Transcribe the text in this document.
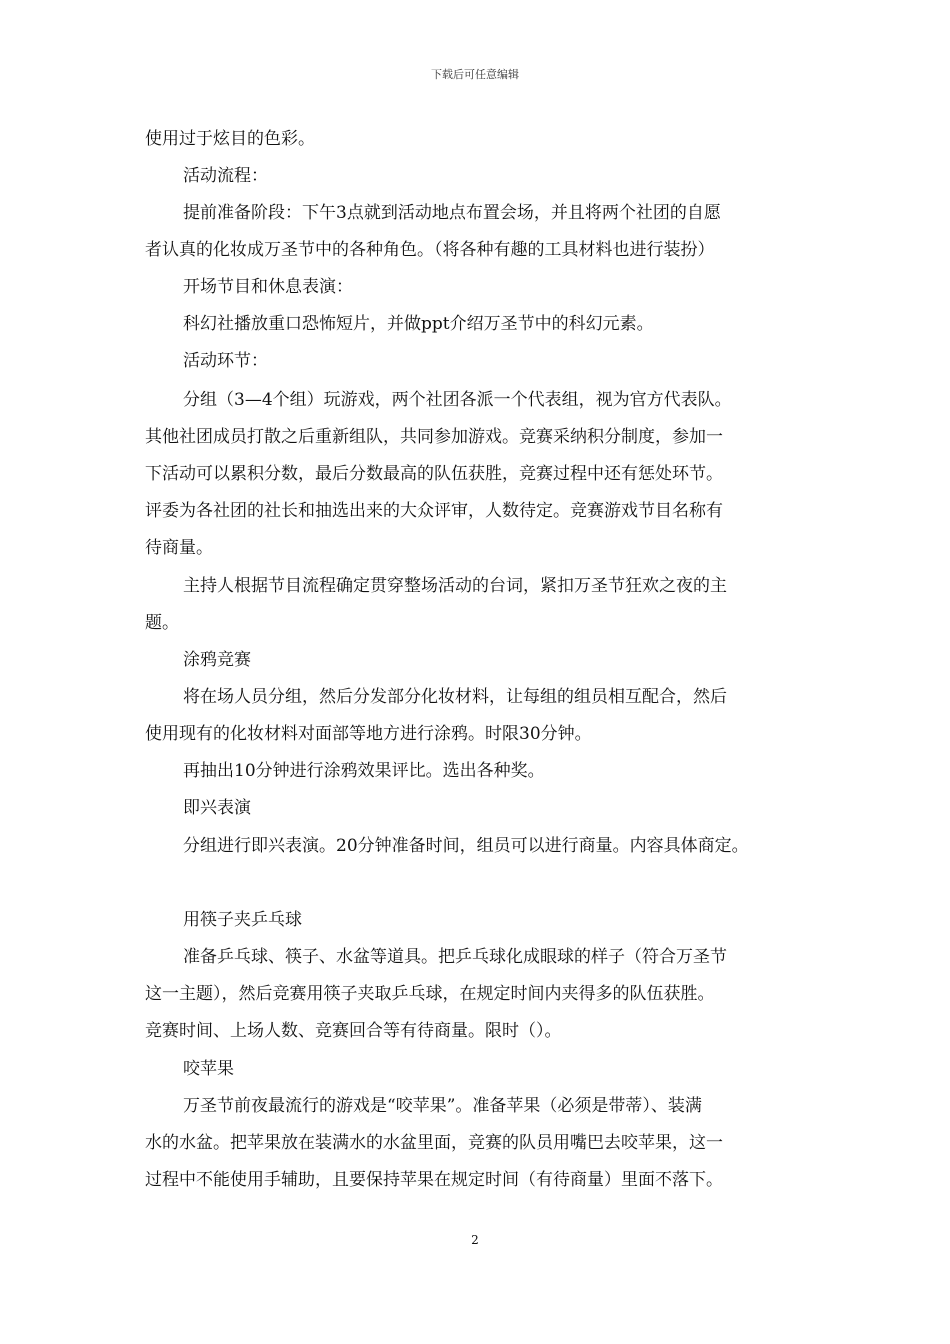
下载后可任意编辑
使用过于炫目的色彩。
活动流程：
提前准备阶段：下午3点就到活动地点布置会场，并且将两个社团的自愿
者认真的化妆成万圣节中的各种角色。（将各种有趣的工具材料也进行装扮）
开场节目和休息表演：
科幻社播放重口恐怖短片，并做ppt介绍万圣节中的科幻元素。
活动环节：
分组（3—4个组）玩游戏，两个社团各派一个代表组，视为官方代表队。
其他社团成员打散之后重新组队，共同参加游戏。竞赛采纳积分制度，参加一
下活动可以累积分数，最后分数最高的队伍获胜，竞赛过程中还有惩处环节。
评委为各社团的社长和抽选出来的大众评审，人数待定。竞赛游戏节目名称有
待商量。
主持人根据节目流程确定贯穿整场活动的台词，紧扣万圣节狂欢之夜的主
题。
涂鸦竞赛
将在场人员分组，然后分发部分化妆材料，让每组的组员相互配合，然后
使用现有的化妆材料对面部等地方进行涂鸦。时限30分钟。
再抽出10分钟进行涂鸦效果评比。选出各种奖。
即兴表演
分组进行即兴表演。20分钟准备时间，组员可以进行商量。内容具体商定。
用筷子夹乒乓球
准备乒乓球、筷子、水盆等道具。把乒乓球化成眼球的样子（符合万圣节
这一主题），然后竞赛用筷子夹取乒乓球，在规定时间内夹得多的队伍获胜。
竞赛时间、上场人数、竞赛回合等有待商量。限时（）。
咬苹果
万圣节前夜最流行的游戏是“咬苹果”。准备苹果（必须是带蒂）、装满
水的水盆。把苹果放在装满水的水盆里面，竞赛的队员用嘴巴去咬苹果，这一
过程中不能使用手辅助，且要保持苹果在规定时间（有待商量）里面不落下。
2
